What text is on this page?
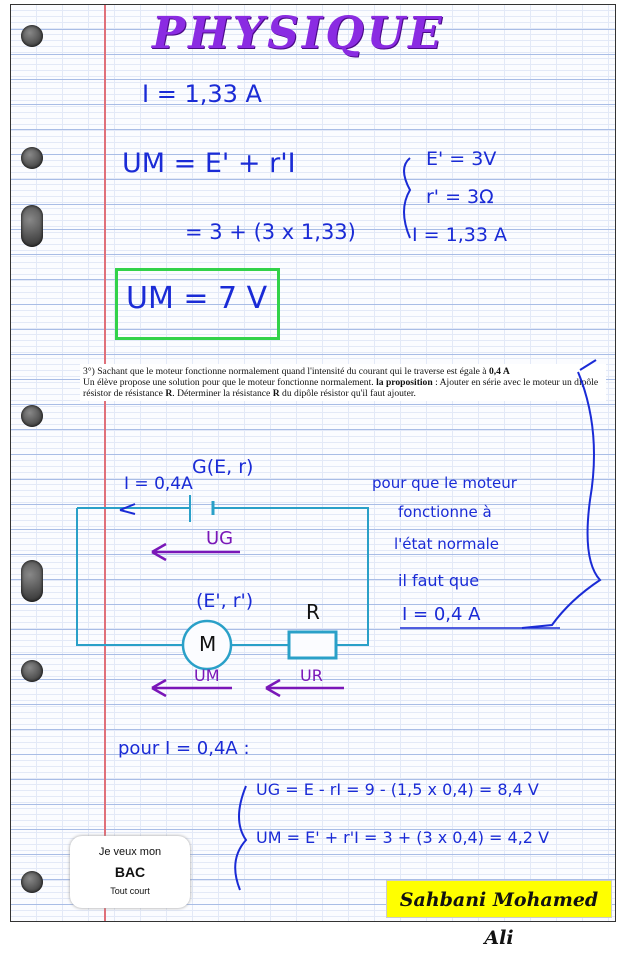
PHYSIQUE
I = 1,33 A
UM = E' + r'I
= 3 + (3 x 1,33)
E' = 3V
r' = 3Ω
I = 1,33 A
UM = 7 V
3°) Sachant que le moteur fonctionne normalement quand l'intensité du courant qui le traverse est égale à 0,4 A
Un élève propose une solution pour que le moteur fonctionne normalement. la proposition : Ajouter en série avec le moteur un dipôle résistor de résistance R. Déterminer la résistance R du dipôle résistor qu'il faut ajouter.
I = 0,4A
G(E, r)
UG
(E', r')
M
R
UM	UR
pour que le moteur
fonctionne à
l'état normale
il faut que
I = 0,4 A
pour I = 0,4A :
UG = E - rI = 9 - (1,5 x 0,4) = 8,4 V
UM = E' + r'I = 3 + (3 x 0,4) = 4,2 V
Je veux mon
BAC
Tout court	Sahbani Mohamed Ali
